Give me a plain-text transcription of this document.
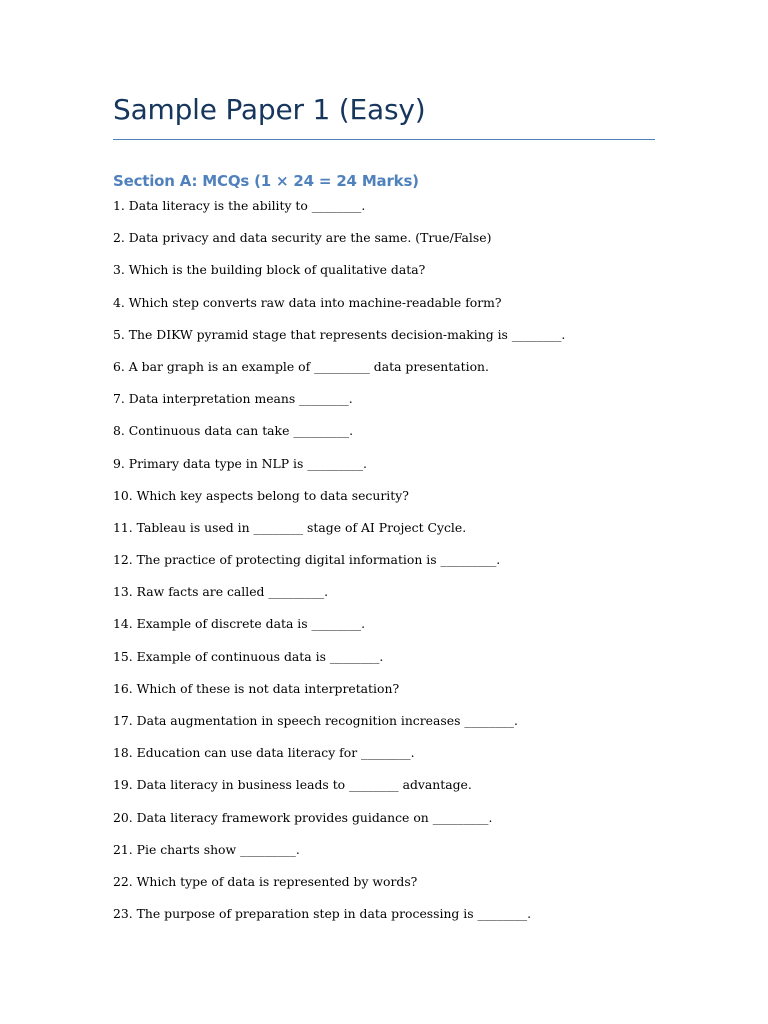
Sample Paper 1 (Easy)
Section A: MCQs (1 × 24 = 24 Marks)
1. Data literacy is the ability to ________.
2. Data privacy and data security are the same. (True/False)
3. Which is the building block of qualitative data?
4. Which step converts raw data into machine-readable form?
5. The DIKW pyramid stage that represents decision-making is ________.
6. A bar graph is an example of _________ data presentation.
7. Data interpretation means ________.
8. Continuous data can take _________.
9. Primary data type in NLP is _________.
10. Which key aspects belong to data security?
11. Tableau is used in ________ stage of AI Project Cycle.
12. The practice of protecting digital information is _________.
13. Raw facts are called _________.
14. Example of discrete data is ________.
15. Example of continuous data is ________.
16. Which of these is not data interpretation?
17. Data augmentation in speech recognition increases ________.
18. Education can use data literacy for ________.
19. Data literacy in business leads to ________ advantage.
20. Data literacy framework provides guidance on _________.
21. Pie charts show _________.
22. Which type of data is represented by words?
23. The purpose of preparation step in data processing is ________.
